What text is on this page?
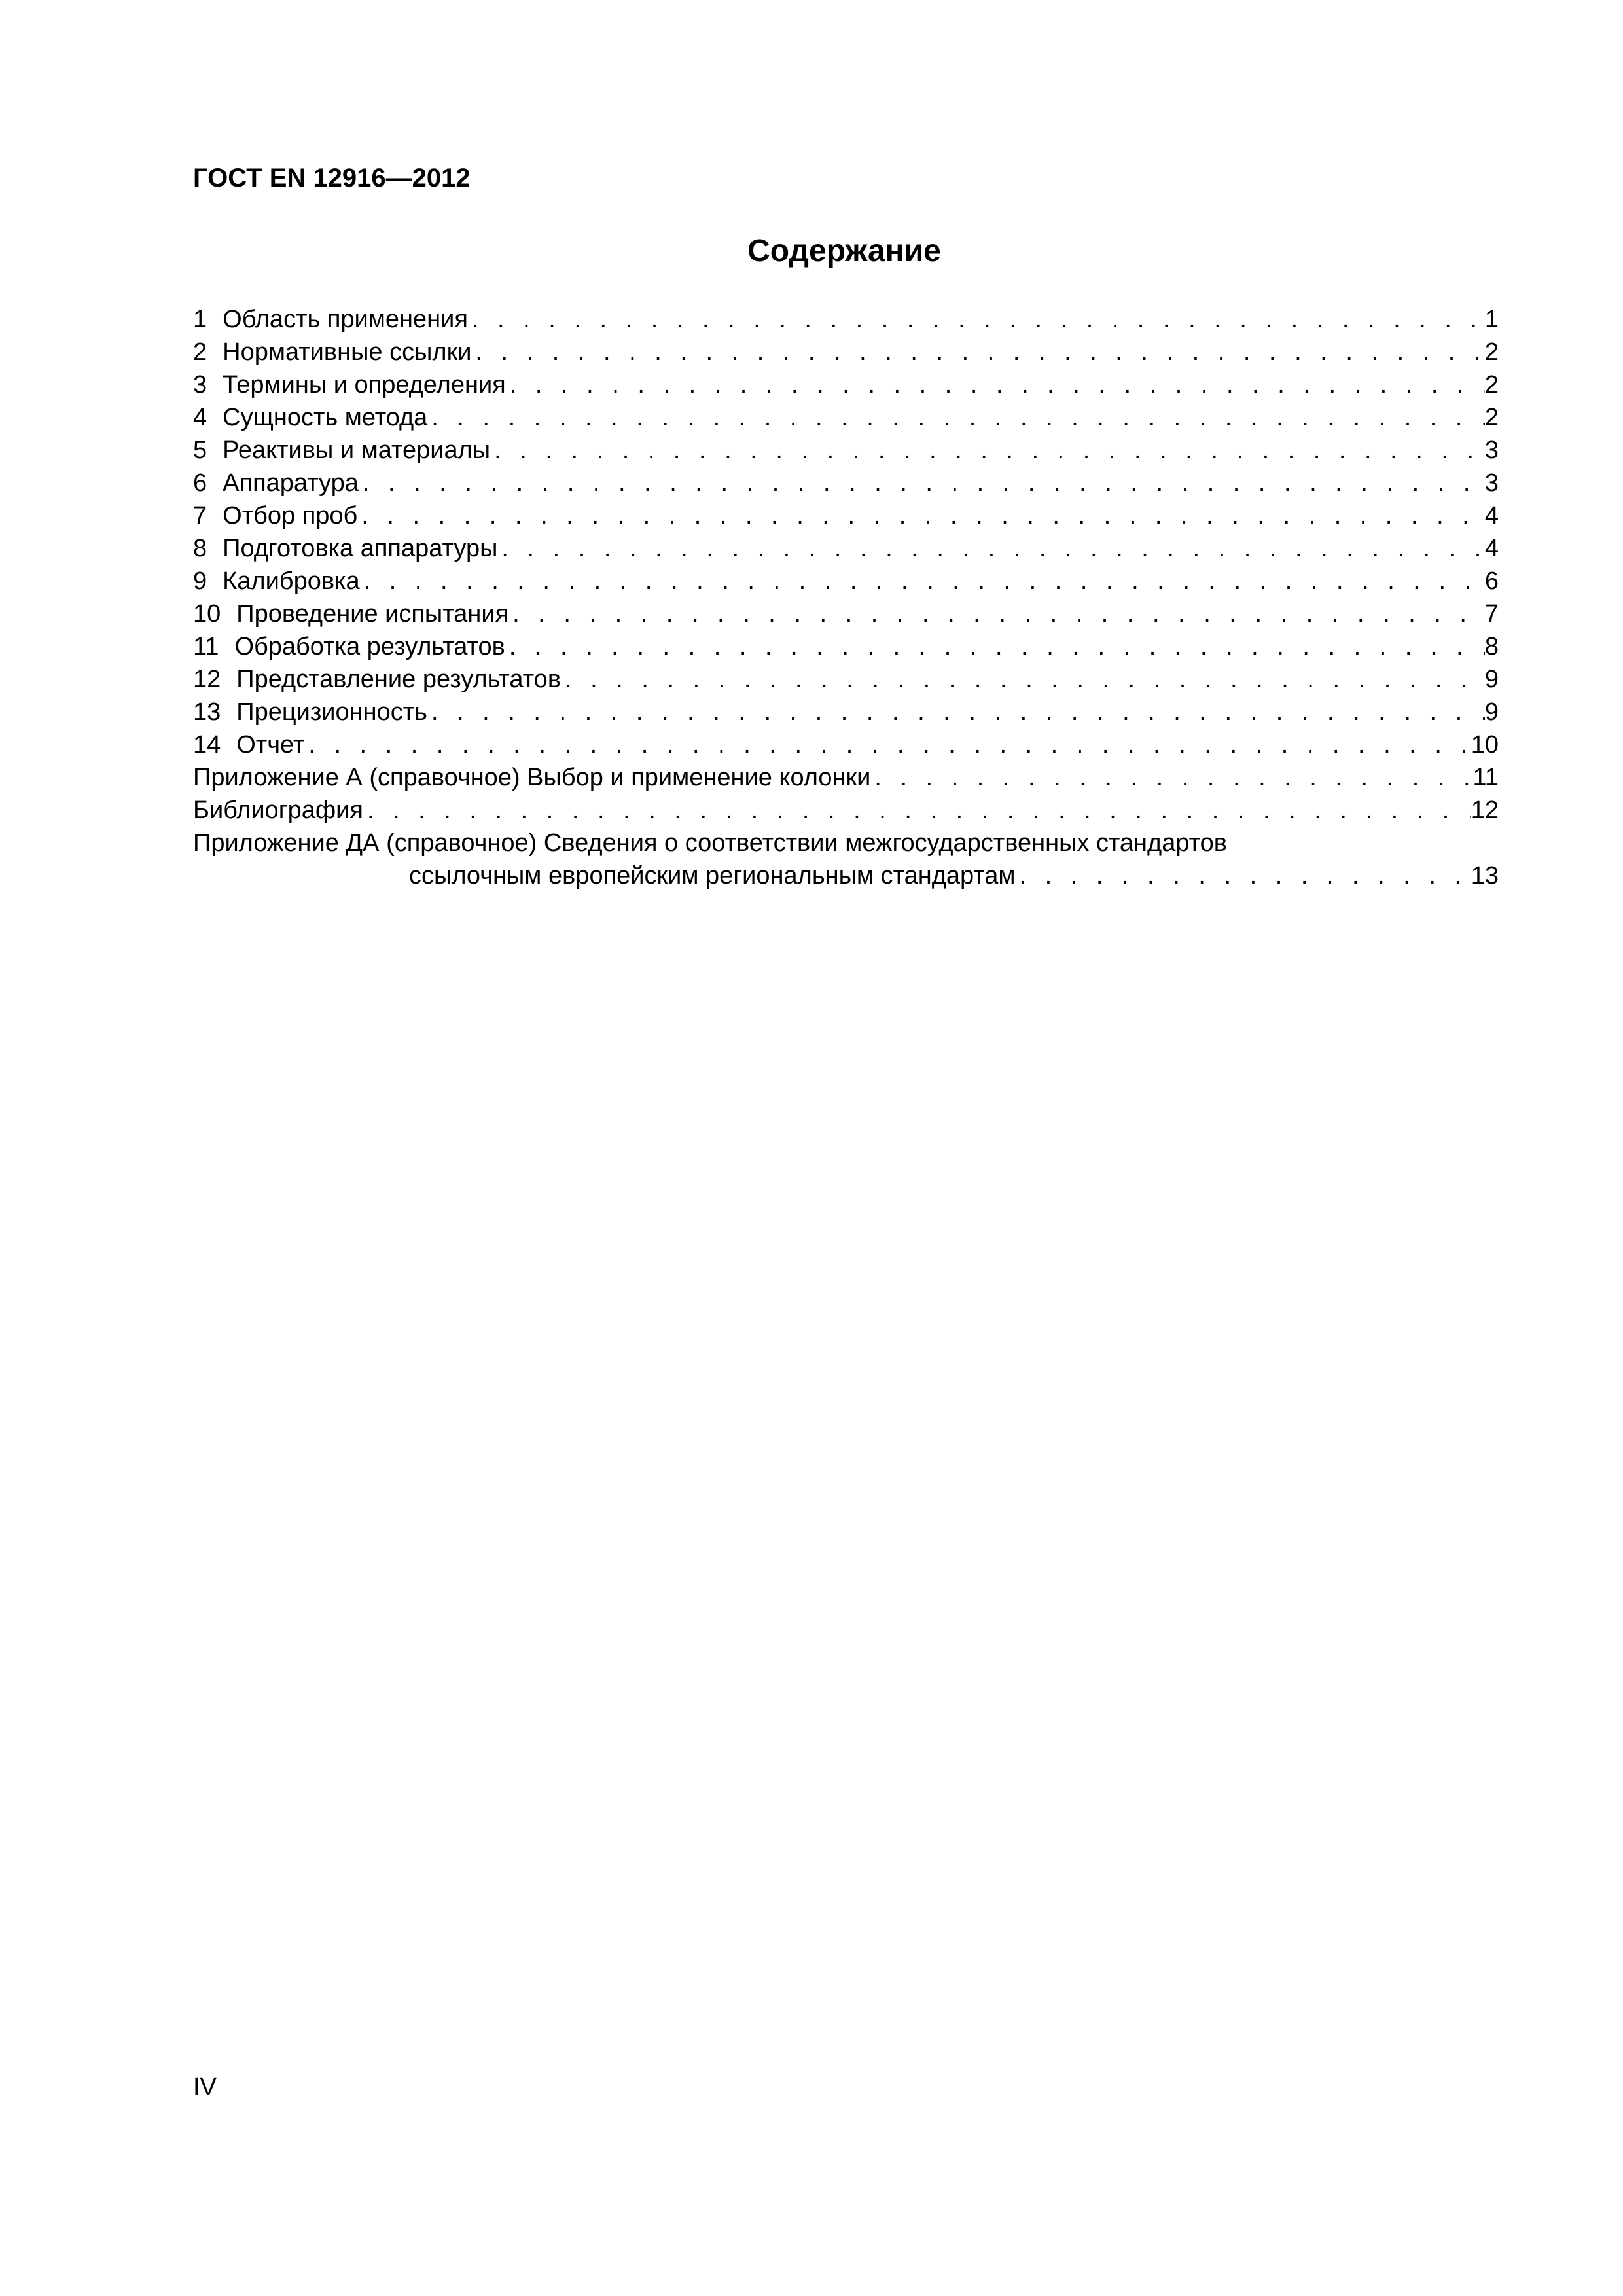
ГОСТ EN 12916—2012
Содержание
1 Область применения . . .	1
2 Нормативные ссылки . . .	2
3 Термины и определения . . .	2
4 Сущность метода . . .	2
5 Реактивы и материалы . . .	3
6 Аппаратура . . .	3
7 Отбор проб . . .	4
8 Подготовка аппаратуры . . .	4
9 Калибровка . . .	6
10 Проведение испытания . . .	7
11 Обработка результатов . . .	8
12 Представление результатов . . .	9
13 Прецизионность . . .	9
14 Отчет . . .	10
Приложение А (справочное) Выбор и применение колонки . . .	11
Библиография . . .	12
Приложение ДА (справочное) Сведения о соответствии межгосударственных стандартов
ссылочным европейским региональным стандартам . . .	13
IV
